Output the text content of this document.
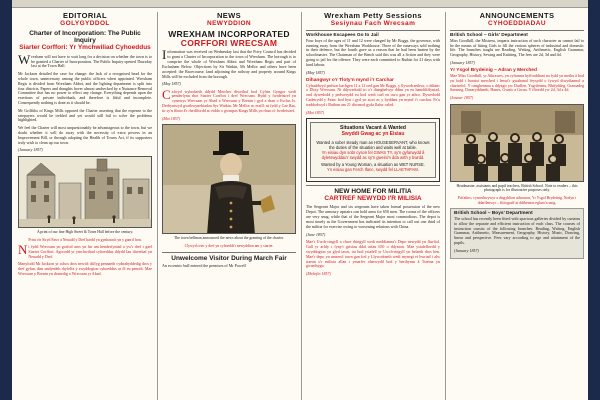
EDITORIAL
GOLYGYDDOL
Charter of Incorporation: The Public Inquiry
Siarter Corffori: Yr Ymchwiliad Cyhoeddus

Wrexham will not have to wait long for a decision on whether the town is to be granted a Charter of Incorporation. The Public Inquiry opened Thursday last at the Town Hall.

Mr Jackson detailed the case for change: the lack of a recognised head for the whole town, unnecessary among the public officers when appointed. Wrexham Regis is divided from Wrexham Abbot, and the lighting department is split into four districts. Papers and draughts hover almost unchecked by a Nuisance Removal Committee that has no power to effect any change. Everything depends upon the exertions of private individuals, and therefore is fitful and incomplete. Consequently nothing is done as it should be.

Mr Griffiths of Kings Mills opposed the Charter asserting that the expense to the ratepayers would be trebled and yet would still fail to solve the problems highlighted.

We feel the Charter will most unquestionably be advantageous to the town, but we doubt whether it will do away with the necessity of extra powers in an Improvement Bill, or through adopting the Health of Towns Act, if its supporters truly wish to clean up our town.

(January 1857)

A print of our fine High Street & Town Hall before the century.
Print o'n Stryd Fawr a Neuadd y Dref hardd yn gynharach yn y ganrif hon.

Ni fydd Wrecsam yn gorfod aros yn hir am benderfyniad a yw'r dref i gael Siarter Corffori. Agorodd yr ymchwiliad cyhoeddus ddydd Iau diwethaf yn Neuadd y Dref.

Manylodd Mr Jackson yr achos dros newid: diffyg pennaeth cydnabyddedig dros y dref gyfan, dim undyndeb rhyfelfa y swyddogion cyhoeddus ar ôl eu penodi. Mae Wrecsam y Brenin yn rhanedig o Wrecsam yr Abad.

NEWS
NEWYDDION
WREXHAM INCORPORATED
CORFFORI WRECSAM

Information was received on Wednesday last that the Privy Council has decided to grant a Charter of Incorporation to the town of Wrexham. The borough is to comprise the whole of Wrexham Abbot and Wrexham Regis and part of Esclusham Below. Objections by Sir Watkin, Mr Mellor and others have been accepted: the Racecourse, land adjoining the railway and property around Kings Mills will be excluded from the borough.

(May 1857)

Cafwyd wybodaeth ddydd Mercher diwethaf bod Cyfrin Gyngor wedi penderfynu rhoi Siarter Corffori i dref Wrecsam. Bydd y fwrdeistref yn cynnwys Wrecsam yr Abad a Wrecsam y Brenin i gyd a rhan o Esclus Is. Derbyniwyd gwrthwynebiadau Syr Watkin, Mr Mellor ac eraill: ni fydd y Cae Ras, tir sy'n ffinio â'r rheilffordd ac eiddo o gwmpas Kings Mills yn rhan o'r fwrdeistref.

(Mai 1857)

The town bellman announced the news about the granting of the charter.
Clywyd crier y dref yn cyhoeddi'r newyddion am y siarter.
Unwelcome Visitor During March Fair

An eccentric bull entered the premises of Mr Powell

Wrexham Petty Sessions
Sesiynau Fach Wrecsam
Workhouse Escapees Go to Jail

Four boys of the ages of 11 and 12 were charged by Mr Boggs, the governor, with running away from the Wrexham Workhouse. Three of the runaways sold nothing in their defence, but the fourth gave as a reason that he had been beaten by the schoolmaster. The Chairman of the Bench said this was all a fiction and they were going to jail for the offence. They were each committed to Ruthin for 21 days with hard labour.

(May 1857)

Dihangwyr o'r Tloty'n mynd i'r Carchar

Cyhuddwyd pedwar bachgen 11 a 12 oed gan Mr Boggs, y llywodraethwr, o ddianc o Dloty Wrecsam. Ni ddywedodd tri o'r dianghelwyr ddim yn eu hamddiffyniad, ond dywedodd y pedwerydd eu bod wedi cael eu curo gan yr athro. Dywedodd Cadeirydd y Fainc bod hyn i gyd yn stori ac y byddant yn mynd i'r carchar. Fe'u traddodwyd i Ruthun am 21 diwrnod gyda llafur caled.

(Mai 1857)

Situations Vacant & Wanted
Swyddi Gwag ac yn Eisiau
Wanted a sober steady man as HOUSESERVANT, who knows the duties of the situation and waits well at table.
Yn eisiau dyn sobr cyson fel GWAS TY, sy'n gyfarwydd â dyletswyddau'r swydd ac sy'n gweini'n dda wrth y bwrdd.
Wanted by a Young Woman, a situation as WET NURSE.
Yn eisiau gan Ferch Ifanc, swydd fel LLAETHFAM.
NEW HOME FOR MILITIA
CARTREF NEWYDD I'R MILISIA

The Sergeant Major and six sergeants have taken formal possession of the new Depot. The armoury upstairs can hold arms for 650 men. The rooms of the officers are very snug, while that of the Sergeant Major most commodious. The depot is most timely as the Government has indicated its intention to call out one third of the militia for exercise owing to worsening relations with China.

(June 1857)

Mae'r Uwch-ringyll a chwe rhingyll wedi meddiannu'r Depo newydd yn ffurfiol. Gall yr arfdy i fyny'r grisiau ddal arfau 650 o ddynion. Mae ystafelloedd y swyddogion yn glyd iawn, tra bod ystafell yr Uwch-ringyll yn helaeth dros ben. Mae'r depo yn amserol iawn gan fod y Llywodraeth wedi mynegi ei bwriad i alw traean o'r milisia allan i ymarfer oherwydd bod y berthynas â Tsieina yn gwaethygu.

(Mehefin 1857)

ANNOUNCEMENTS
CYHOEDDIADAU
British School – Girls' Department

Miss Goodhill, the Mistress, imparts instruction of such character as cannot fail to be the means of fitting Girls to fill the various spheres of industrial and domestic life. The branches taught are Reading, Writing, Arithmetic, English Grammar, Geography, History, Sewing and Knitting. The fees are 2d, 3d and 4d.

(January 1857)

Yr Ysgol Brydeinig – Adran y Merched

Mae Miss Goodhill, yr Athrawes, yn cyfrannu hyfforddiant na fydd yn methu â bod yn fodd i baratoi merched i lenwi'r gwahanol feysydd o fywyd diwydiannol a chartrefol. Y canghennau a ddysgir yw Darllen, Ysgrifennu, Rhifyddeg, Gramadeg Saesneg, Daearyddiaeth, Hanes, Gwnïo a Gwau. Y ffioedd yw 2d, 3d a 4d.

(Ionawr 1857)

Headmaster, assistants and pupil teachers, British School. Note to readers – this photograph is for illustrative purposes only.
Prifathro, cynorthwywyr a disgyblion athrawon, Yr Ysgol Brydeinig. Nodyn i ddarllenwyr – ffotograff at ddibenion egluro'n unig.
British School – Boys' Department

The school has recently been fitted with spacious galleries divided by curtains to allow the separate and efficient instruction of each class. The courses of instruction consist of the following branches: Reading, Writing, English Grammar, Arithmetic, Measurement, Geography, History, Music, Drawing, linear and perspective. Fees vary according to age and attainment of the pupils.

(January 1857)
